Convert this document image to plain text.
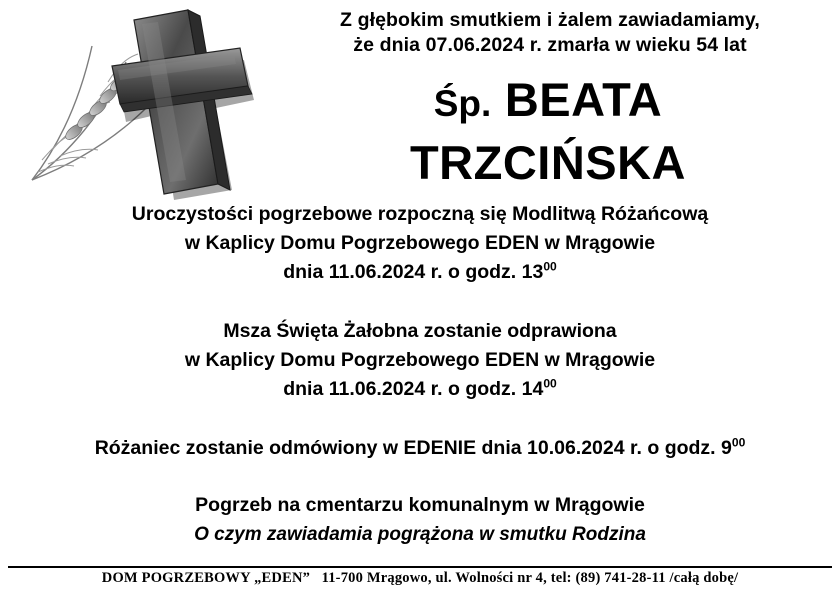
Z głębokim smutkiem i żalem zawiadamiamy,
że dnia 07.06.2024 r. zmarła w wieku 54 lat
Śp. BEATA
TRZCIŃSKA
Uroczystości pogrzebowe rozpoczną się Modlitwą Różańcową
w Kaplicy Domu Pogrzebowego EDEN w Mrągowie
dnia 11.06.2024 r. o godz. $13^{00}$
Msza Święta Żałobna zostanie odprawiona
w Kaplicy Domu Pogrzebowego EDEN w Mrągowie
dnia 11.06.2024 r. o godz. $14^{00}$
Różaniec zostanie odmówiony w EDENIE dnia 10.06.2024 r. o godz. $9^{00}$
Pogrzeb na cmentarzu komunalnym w Mrągowie
O czym zawiadamia pogrążona w smutku Rodzina
DOM POGRZEBOWY „EDEN” 11-700 Mrągowo, ul. Wolności nr 4, tel: (89) 741-28-11 /całą dobę/
